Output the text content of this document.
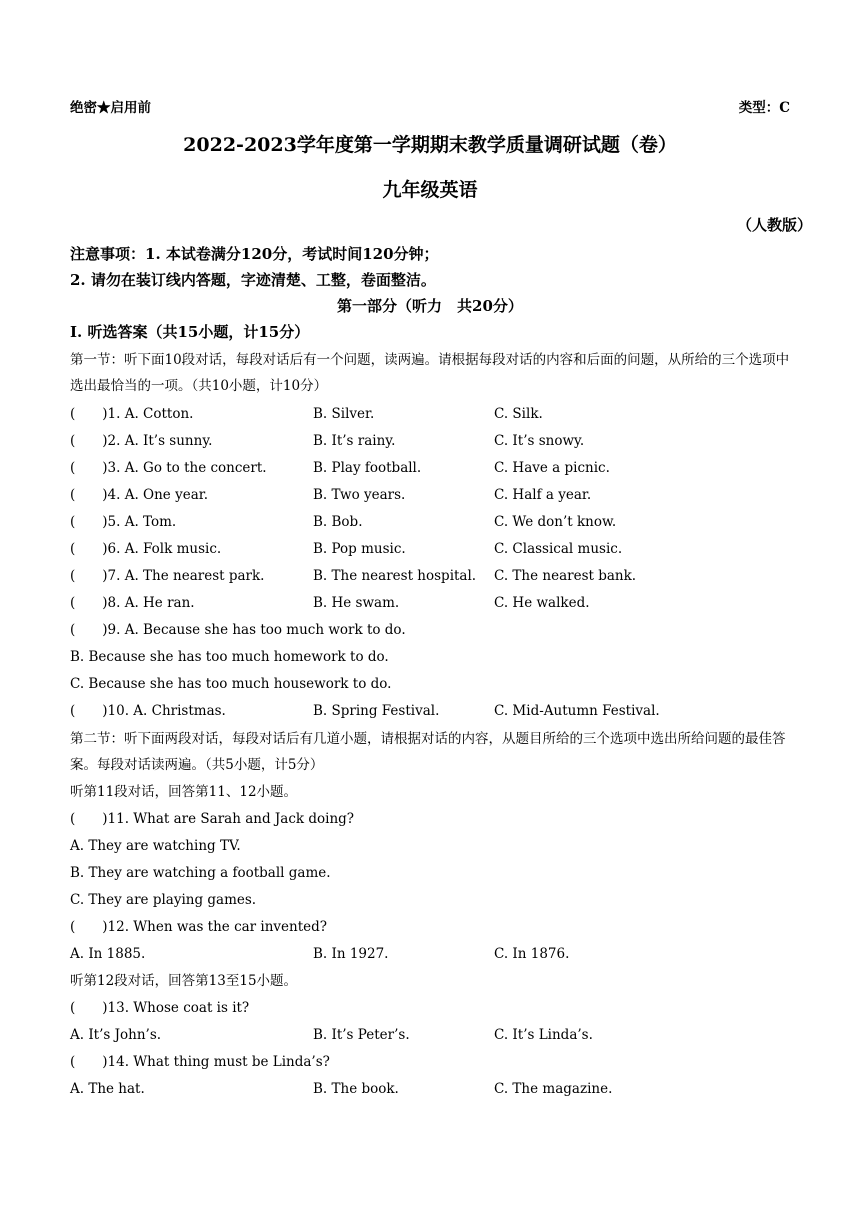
绝密★启用前	类型：C
2022-2023学年度第一学期期末教学质量调研试题（卷）
九年级英语
（人教版）
注意事项：1. 本试卷满分120分，考试时间120分钟；
2. 请勿在装订线内答题，字迹清楚、工整，卷面整洁。
第一部分（听力　共20分）
Ⅰ. 听选答案（共15小题，计15分）
第一节：听下面10段对话，每段对话后有一个问题，读两遍。请根据每段对话的内容和后面的问题，从所给的三个选项中选出最恰当的一项。（共10小题，计10分）
(　　)1. A. Cotton.	B. Silver.	C. Silk.
(　　)2. A. It’s sunny.	B. It’s rainy.	C. It’s snowy.
(　　)3. A. Go to the concert.	B. Play football.	C. Have a picnic.
(　　)4. A. One year.	B. Two years.	C. Half a year.
(　　)5. A. Tom.	B. Bob.	C. We don’t know.
(　　)6. A. Folk music.	B. Pop music.	C. Classical music.
(　　)7. A. The nearest park.	B. The nearest hospital. C. The nearest bank.
(　　)8. A. He ran.	B. He swam.	C. He walked.
(　　)9. A. Because she has too much work to do.
B. Because she has too much homework to do.
C. Because she has too much housework to do.
(　　)10. A. Christmas.	B. Spring Festival.	C. Mid-Autumn Festival.
第二节：听下面两段对话，每段对话后有几道小题，请根据对话的内容，从题目所给的三个选项中选出所给问题的最佳答案。每段对话读两遍。（共5小题，计5分）
听第11段对话，回答第11、12小题。
(　　)11. What are Sarah and Jack doing?
A. They are watching TV.
B. They are watching a football game.
C. They are playing games.
(　　)12. When was the car invented?
A. In 1885.	B. In 1927.	C. In 1876.
听第12段对话，回答第13至15小题。
(　　)13. Whose coat is it?
A. It’s John’s.	B. It’s Peter’s.	C. It’s Linda’s.
(　　)14. What thing must be Linda’s?
A. The hat.	B. The book.	C. The magazine.
